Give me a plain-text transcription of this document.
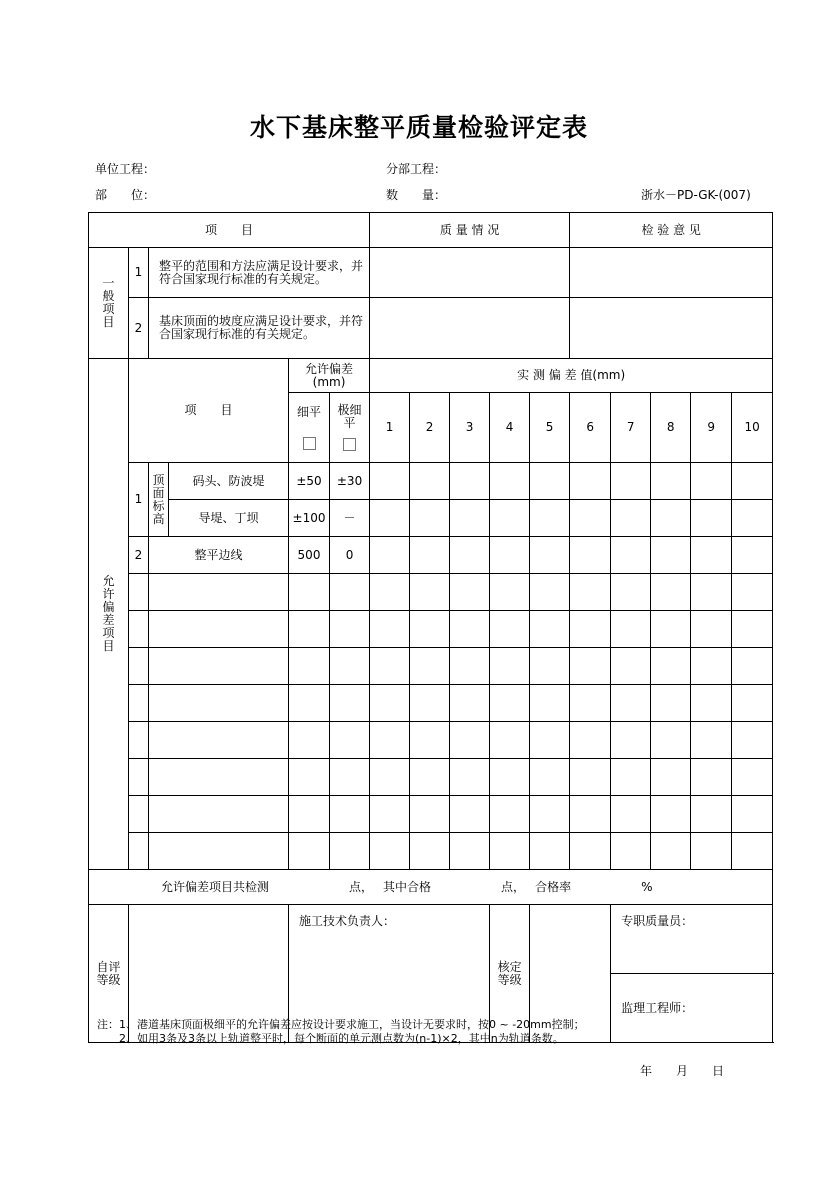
水下基床整平质量检验评定表
单位工程：	分部工程：
部　　位：	数　　量：	浙水－PD-GK-(007)
项　　目						质 量 情 况					检 验 意 见				

一般项目	1	整平的范围和方法应满足设计要求，并符合国家现行标准的有关规定。													
	2	基床顶面的坡度应满足设计要求，并符合国家现行标准的有关规定。													

允许偏差项目	项　　目			允许偏差(mm)		实 测 偏 差 值(mm)									

				细平	极细平	1	2	3	4	5	6	7	8	9	10
	1	顶面标高	码头、防波堤	±50	±30										
			导堤、丁坝	±100	－										
	2	整平边线		500	0										

允许偏差项目共检测 点， 其中合格 点， 合格率 %															

自评等级				施工技术负责人：					核定等级			专职质量员：			
												监理工程师：			
注：1、港道基床顶面极细平的允许偏差应按设计要求施工，当设计无要求时，按0 ~ -20mm控制；
　　2、如用3条及3条以上轨道整平时，每个断面的单元测点数为(n-1)×2，其中n为轨道条数。
年　　月　　日
